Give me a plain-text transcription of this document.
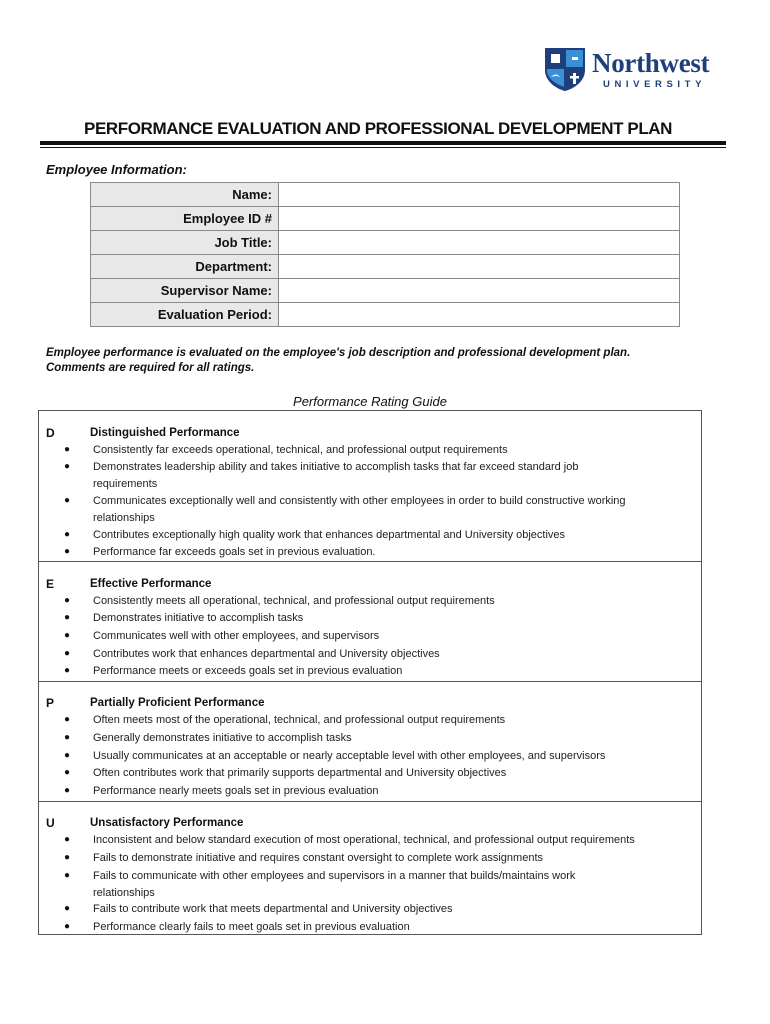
Northwest
UNIVERSITY
PERFORMANCE EVALUATION AND PROFESSIONAL DEVELOPMENT PLAN
Employee Information:
Name:	
Employee ID #	
Job Title:	
Department:	
Supervisor Name:	
Evaluation Period:	
Employee performance is evaluated on the employee's job description and professional development plan.
Comments are required for all ratings.
Performance Rating Guide
D	Distinguished Performance
● Consistently far exceeds operational, technical, and professional output requirements
● Demonstrates leadership ability and takes initiative to accomplish tasks that far exceed standard job requirements
● Communicates exceptionally well and consistently with other employees in order to build constructive working relationships
● Contributes exceptionally high quality work that enhances departmental and University objectives
● Performance far exceeds goals set in previous evaluation.
E	Effective Performance
● Consistently meets all operational, technical, and professional output requirements
● Demonstrates initiative to accomplish tasks
● Communicates well with other employees, and supervisors
● Contributes work that enhances departmental and University objectives
● Performance meets or exceeds goals set in previous evaluation
P	Partially Proficient Performance
● Often meets most of the operational, technical, and professional output requirements
● Generally demonstrates initiative to accomplish tasks
● Usually communicates at an acceptable or nearly acceptable level with other employees, and supervisors
● Often contributes work that primarily supports departmental and University objectives
● Performance nearly meets goals set in previous evaluation
U	Unsatisfactory Performance
● Inconsistent and below standard execution of most operational, technical, and professional output requirements
● Fails to demonstrate initiative and requires constant oversight to complete work assignments
● Fails to communicate with other employees and supervisors in a manner that builds/maintains work relationships
● Fails to contribute work that meets departmental and University objectives
● Performance clearly fails to meet goals set in previous evaluation
